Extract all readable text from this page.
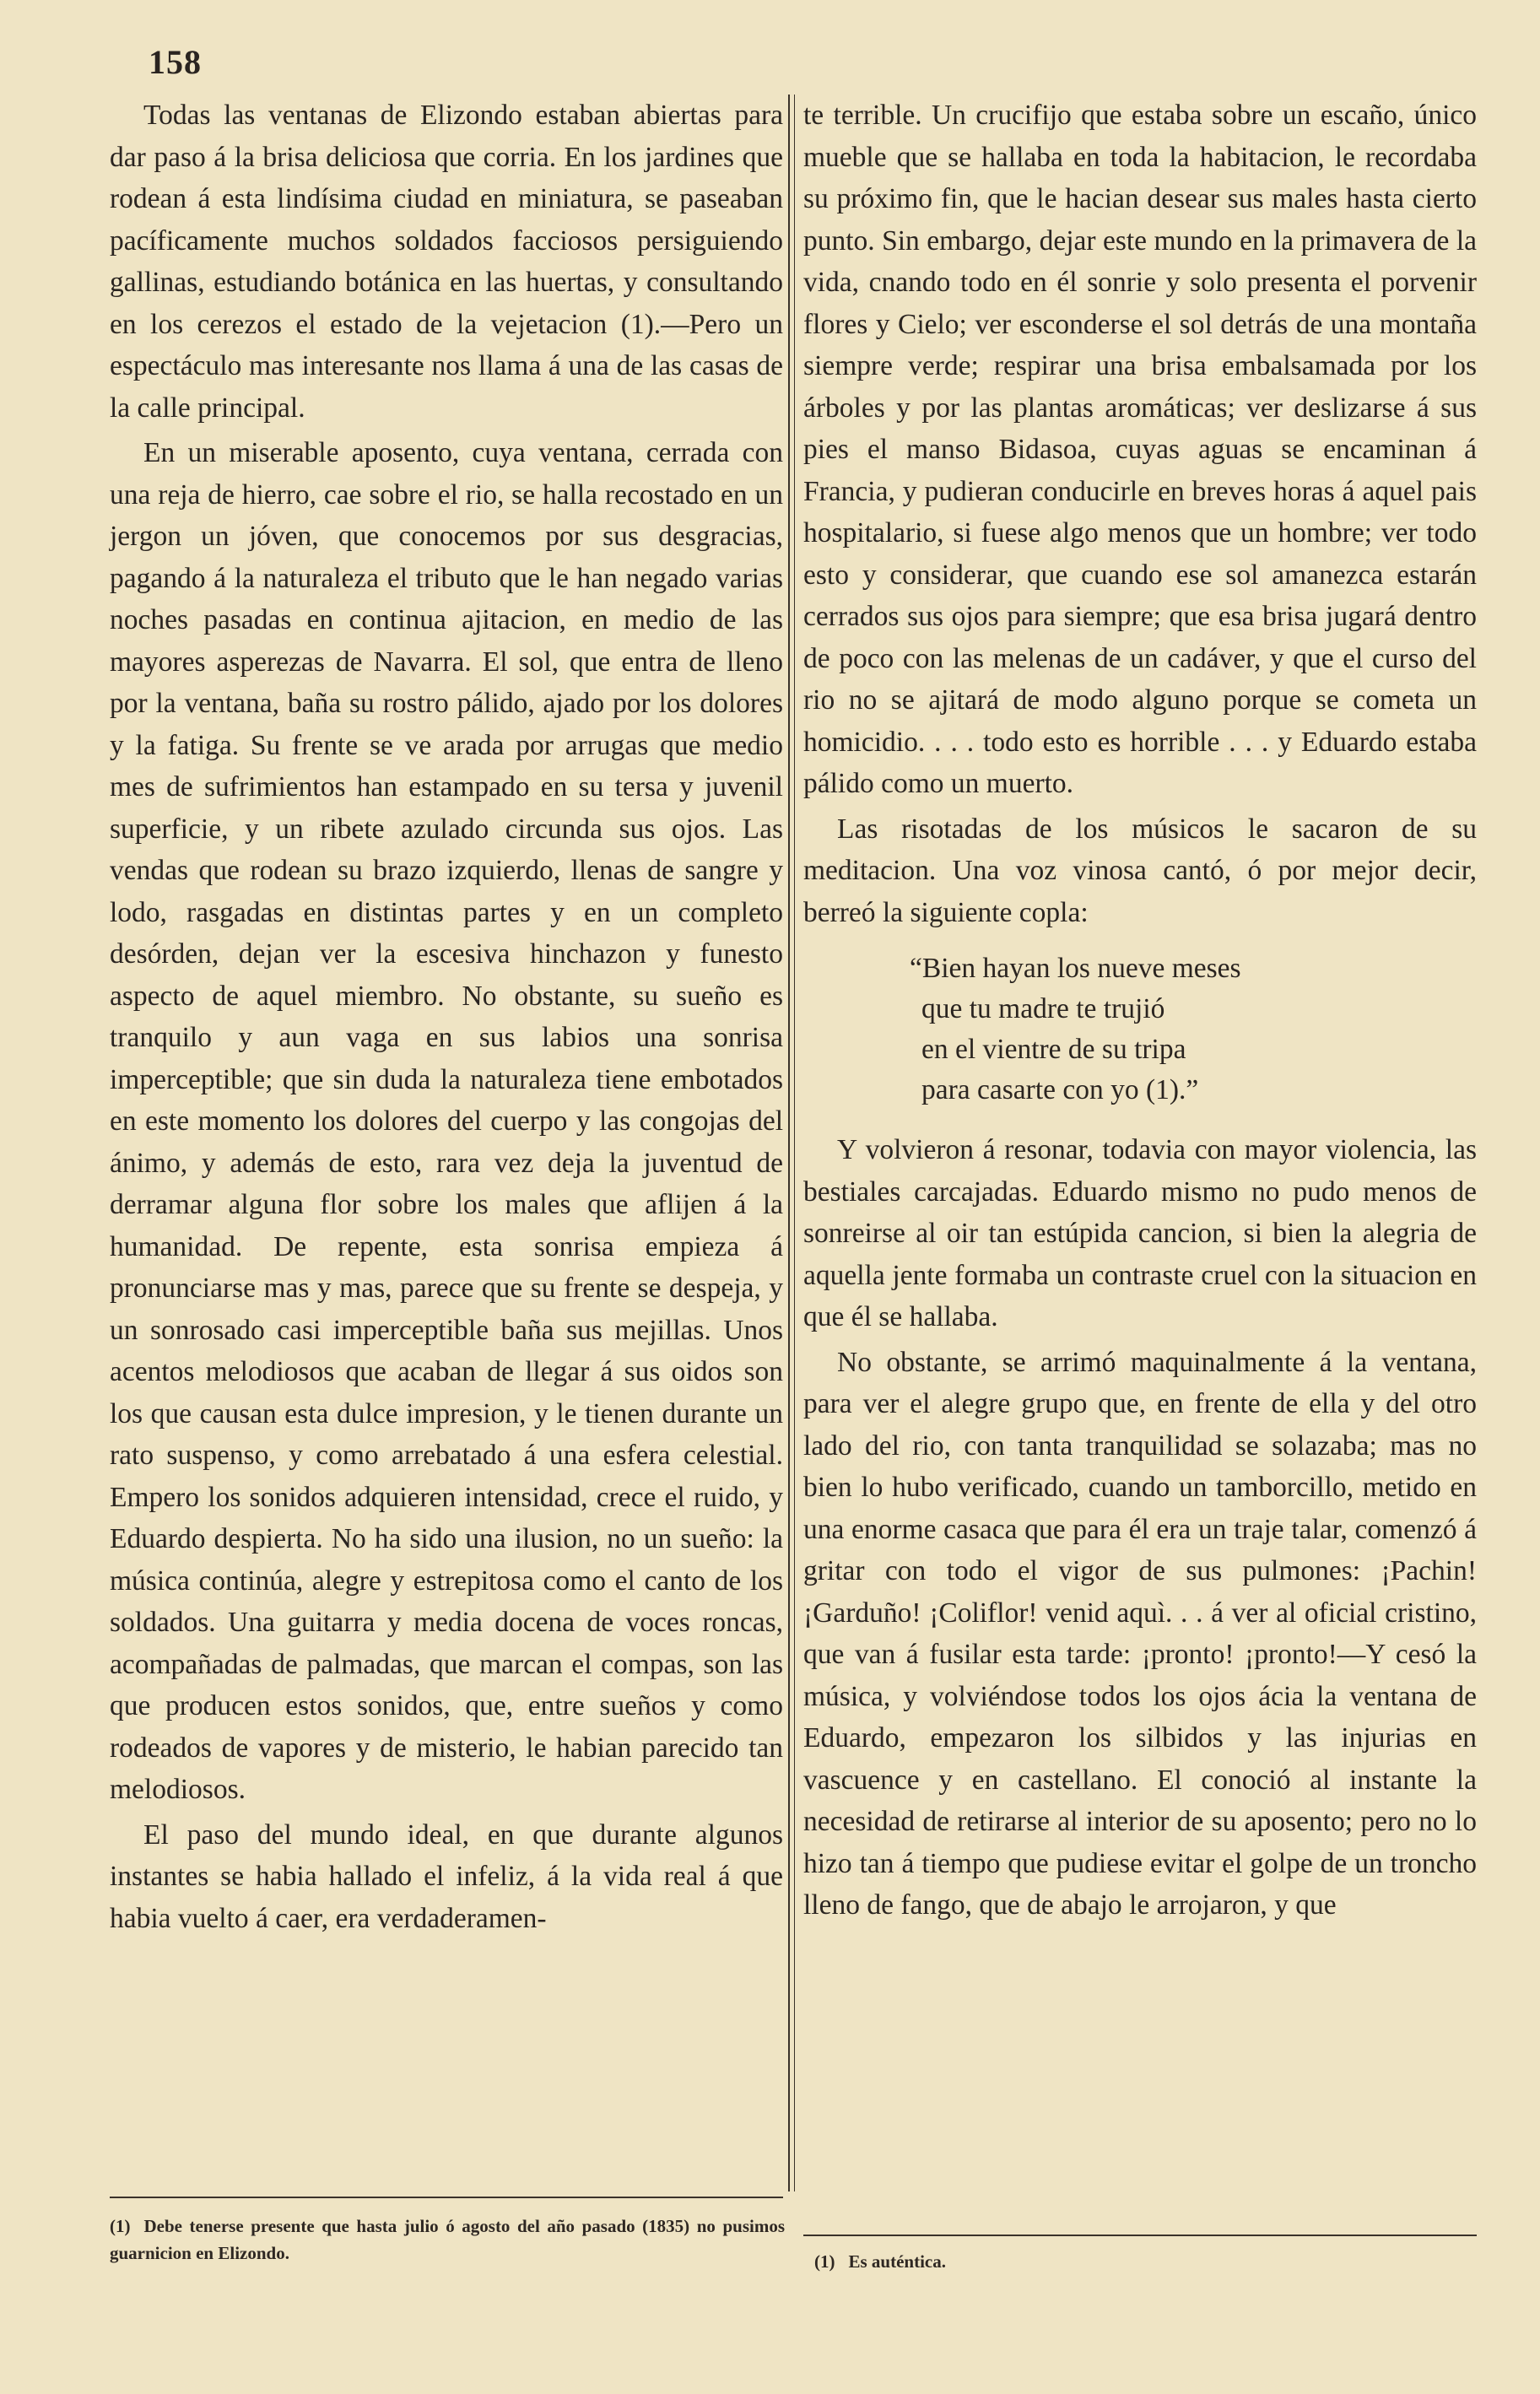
158

Todas las ventanas de Elizondo estaban abiertas para dar paso á la brisa deliciosa que corria. En los jardines que rodean á esta lindísima ciudad en miniatura, se paseaban pacíficamente muchos soldados facciosos persiguiendo gallinas, estudiando botánica en las huertas, y consultando en los cerezos el estado de la vejetacion (1).—Pero un espectáculo mas interesante nos llama á una de las casas de la calle principal.

En un miserable aposento, cuya ventana, cerrada con una reja de hierro, cae sobre el rio, se halla recostado en un jergon un jóven, que conocemos por sus desgracias, pagando á la naturaleza el tributo que le han negado varias noches pasadas en continua ajitacion, en medio de las mayores asperezas de Navarra. El sol, que entra de lleno por la ventana, baña su rostro pálido, ajado por los dolores y la fatiga. Su frente se ve arada por arrugas que medio mes de sufrimientos han estampado en su tersa y juvenil superficie, y un ribete azulado circunda sus ojos. Las vendas que rodean su brazo izquierdo, llenas de sangre y lodo, rasgadas en distintas partes y en un completo desórden, dejan ver la escesiva hinchazon y funesto aspecto de aquel miembro. No obstante, su sueño es tranquilo y aun vaga en sus labios una sonrisa imperceptible; que sin duda la naturaleza tiene embotados en este momento los dolores del cuerpo y las congojas del ánimo, y además de esto, rara vez deja la juventud de derramar alguna flor sobre los males que aflijen á la humanidad. De repente, esta sonrisa empieza á pronunciarse mas y mas, parece que su frente se despeja, y un sonrosado casi imperceptible baña sus mejillas. Unos acentos melodiosos que acaban de llegar á sus oidos son los que causan esta dulce impresion, y le tienen durante un rato suspenso, y como arrebatado á una esfera celestial. Empero los sonidos adquieren intensidad, crece el ruido, y Eduardo despierta. No ha sido una ilusion, no un sueño: la música continúa, alegre y estrepitosa como el canto de los soldados. Una guitarra y media docena de voces roncas, acompañadas de palmadas, que marcan el compas, son las que producen estos sonidos, que, entre sueños y como rodeados de vapores y de misterio, le habian parecido tan melodiosos.

El paso del mundo ideal, en que durante algunos instantes se habia hallado el infeliz, á la vida real á que habia vuelto á caer, era verdaderamen-

te terrible. Un crucifijo que estaba sobre un escaño, único mueble que se hallaba en toda la habitacion, le recordaba su próximo fin, que le hacian desear sus males hasta cierto punto. Sin embargo, dejar este mundo en la primavera de la vida, cnando todo en él sonrie y solo presenta el porvenir flores y Cielo; ver esconderse el sol detrás de una montaña siempre verde; respirar una brisa embalsamada por los árboles y por las plantas aromáticas; ver deslizarse á sus pies el manso Bidasoa, cuyas aguas se encaminan á Francia, y pudieran conducirle en breves horas á aquel pais hospitalario, si fuese algo menos que un hombre; ver todo esto y considerar, que cuando ese sol amanezca estarán cerrados sus ojos para siempre; que esa brisa jugará dentro de poco con las melenas de un cadáver, y que el curso del rio no se ajitará de modo alguno porque se cometa un homicidio. . . . todo esto es horrible . . . y Eduardo estaba pálido como un muerto.

Las risotadas de los músicos le sacaron de su meditacion. Una voz vinosa cantó, ó por mejor decir, berreó la siguiente copla:

“Bien hayan los nueve meses
que tu madre te trujió
en el vientre de su tripa
para casarte con yo (1).”

Y volvieron á resonar, todavia con mayor violencia, las bestiales carcajadas. Eduardo mismo no pudo menos de sonreirse al oir tan estúpida cancion, si bien la alegria de aquella jente formaba un contraste cruel con la situacion en que él se hallaba.

No obstante, se arrimó maquinalmente á la ventana, para ver el alegre grupo que, en frente de ella y del otro lado del rio, con tanta tranquilidad se solazaba; mas no bien lo hubo verificado, cuando un tamborcillo, metido en una enorme casaca que para él era un traje talar, comenzó á gritar con todo el vigor de sus pulmones: ¡Pachin! ¡Garduño! ¡Coliflor! venid aquì. . . á ver al oficial cristino, que van á fusilar esta tarde: ¡pronto! ¡pronto!—Y cesó la música, y volviéndose todos los ojos ácia la ventana de Eduardo, empezaron los silbidos y las injurias en vascuence y en castellano. El conoció al instante la necesidad de retirarse al interior de su aposento; pero no lo hizo tan á tiempo que pudiese evitar el golpe de un troncho lleno de fango, que de abajo le arrojaron, y que

(1) Debe tenerse presente que hasta julio ó agosto del año pasado (1835) no pusimos guarnicion en Elizondo.	(1) Es auténtica.
